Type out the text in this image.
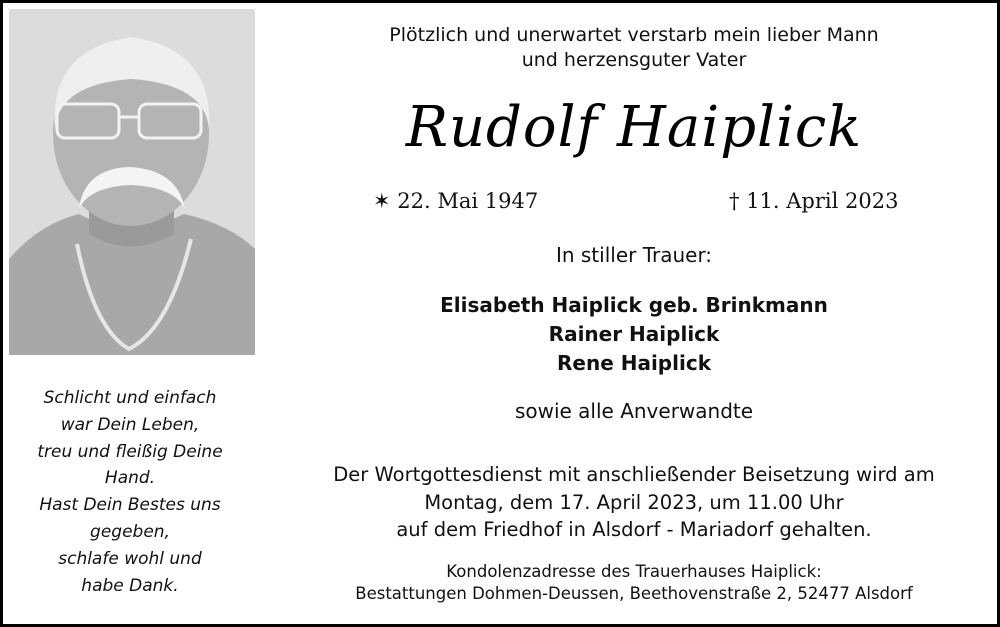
Schlicht und einfach
war Dein Leben,
treu und fleißig Deine
Hand.
Hast Dein Bestes uns
gegeben,
schlafe wohl und
habe Dank.
Plötzlich und unerwartet verstarb mein lieber Mann
und herzensguter Vater
Rudolf Haiplick
✶ 22. Mai 1947	† 11. April 2023
In stiller Trauer:
Elisabeth Haiplick geb. Brinkmann
Rainer Haiplick
Rene Haiplick
sowie alle Anverwandte
Der Wortgottesdienst mit anschließender Beisetzung wird am
Montag, dem 17. April 2023, um 11.00 Uhr
auf dem Friedhof in Alsdorf - Mariadorf gehalten.
Kondolenzadresse des Trauerhauses Haiplick:
Bestattungen Dohmen-Deussen, Beethovenstraße 2, 52477 Alsdorf
